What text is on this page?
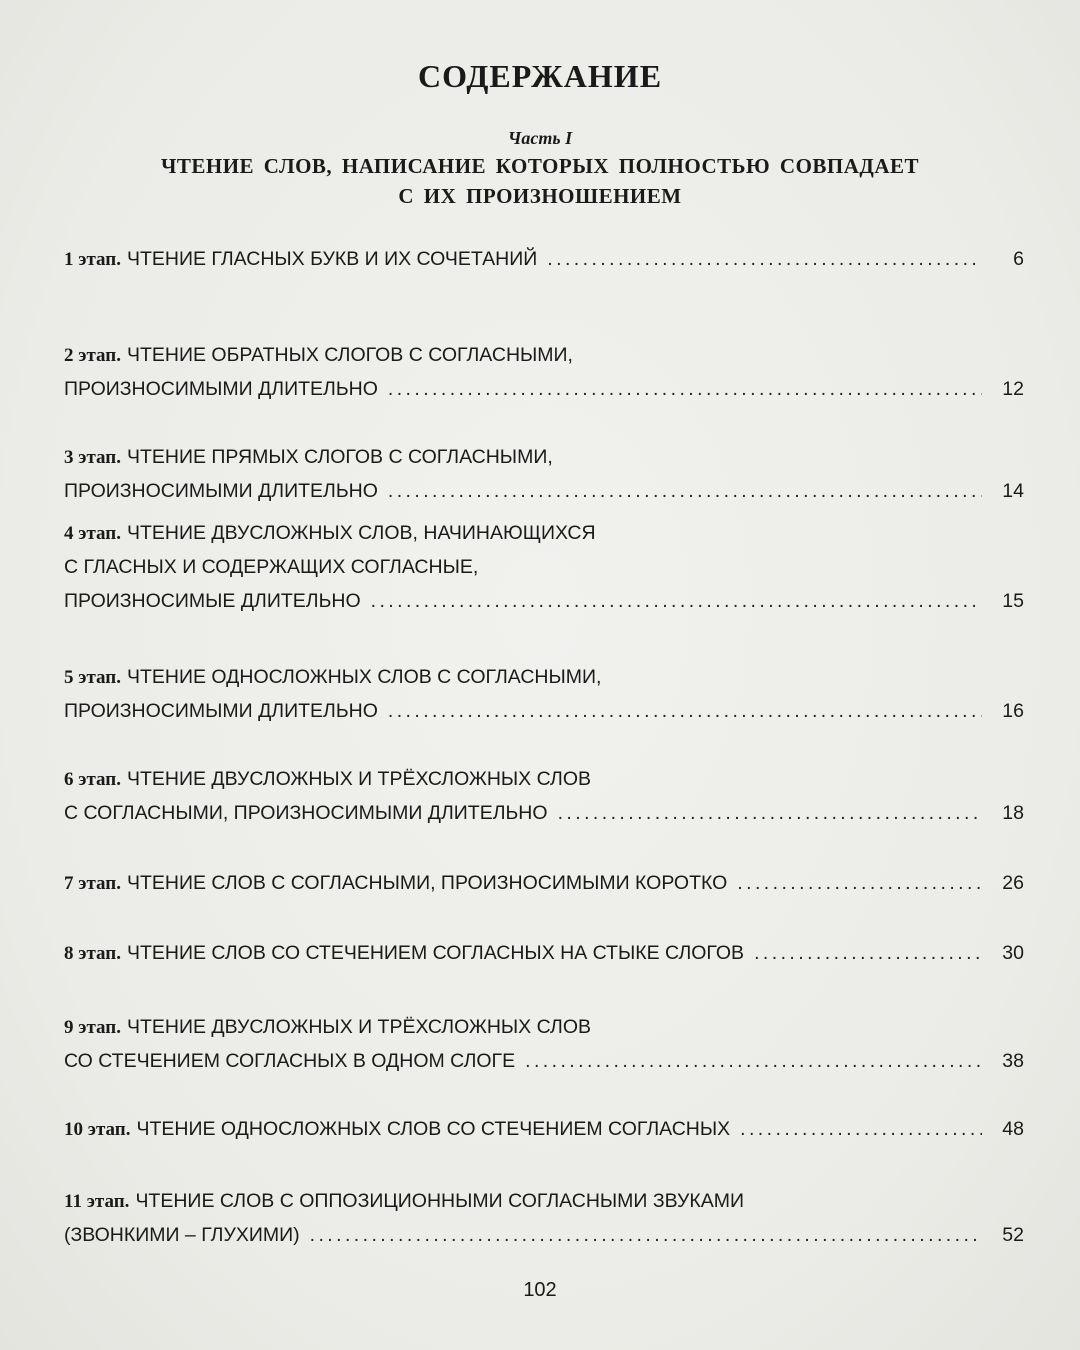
СОДЕРЖАНИЕ
Часть I
ЧТЕНИЕ СЛОВ, НАПИСАНИЕ КОТОРЫХ ПОЛНОСТЬЮ СОВПАДАЕТ
С ИХ ПРОИЗНОШЕНИЕМ
1 этап. ЧТЕНИЕ ГЛАСНЫХ БУКВ И ИХ СОЧЕТАНИЙ . . .	6
2 этап. ЧТЕНИЕ ОБРАТНЫХ СЛОГОВ С СОГЛАСНЫМИ,
ПРОИЗНОСИМЫМИ ДЛИТЕЛЬНО . . .	12
3 этап. ЧТЕНИЕ ПРЯМЫХ СЛОГОВ С СОГЛАСНЫМИ,
ПРОИЗНОСИМЫМИ ДЛИТЕЛЬНО . . .	14
4 этап. ЧТЕНИЕ ДВУСЛОЖНЫХ СЛОВ, НАЧИНАЮЩИХСЯ
С ГЛАСНЫХ И СОДЕРЖАЩИХ СОГЛАСНЫЕ,
ПРОИЗНОСИМЫЕ ДЛИТЕЛЬНО . . .	15
5 этап. ЧТЕНИЕ ОДНОСЛОЖНЫХ СЛОВ С СОГЛАСНЫМИ,
ПРОИЗНОСИМЫМИ ДЛИТЕЛЬНО . . .	16
6 этап. ЧТЕНИЕ ДВУСЛОЖНЫХ И ТРЁХСЛОЖНЫХ СЛОВ
С СОГЛАСНЫМИ, ПРОИЗНОСИМЫМИ ДЛИТЕЛЬНО . . .	18
7 этап. ЧТЕНИЕ СЛОВ С СОГЛАСНЫМИ, ПРОИЗНОСИМЫМИ КОРОТКО . . .	26
8 этап. ЧТЕНИЕ СЛОВ СО СТЕЧЕНИЕМ СОГЛАСНЫХ НА СТЫКЕ СЛОГОВ . . .	30
9 этап. ЧТЕНИЕ ДВУСЛОЖНЫХ И ТРЁХСЛОЖНЫХ СЛОВ
СО СТЕЧЕНИЕМ СОГЛАСНЫХ В ОДНОМ СЛОГЕ . . .	38
10 этап. ЧТЕНИЕ ОДНОСЛОЖНЫХ СЛОВ СО СТЕЧЕНИЕМ СОГЛАСНЫХ . . .	48
11 этап. ЧТЕНИЕ СЛОВ С ОППОЗИЦИОННЫМИ СОГЛАСНЫМИ ЗВУКАМИ
(ЗВОНКИМИ – ГЛУХИМИ) . . .	52
102
